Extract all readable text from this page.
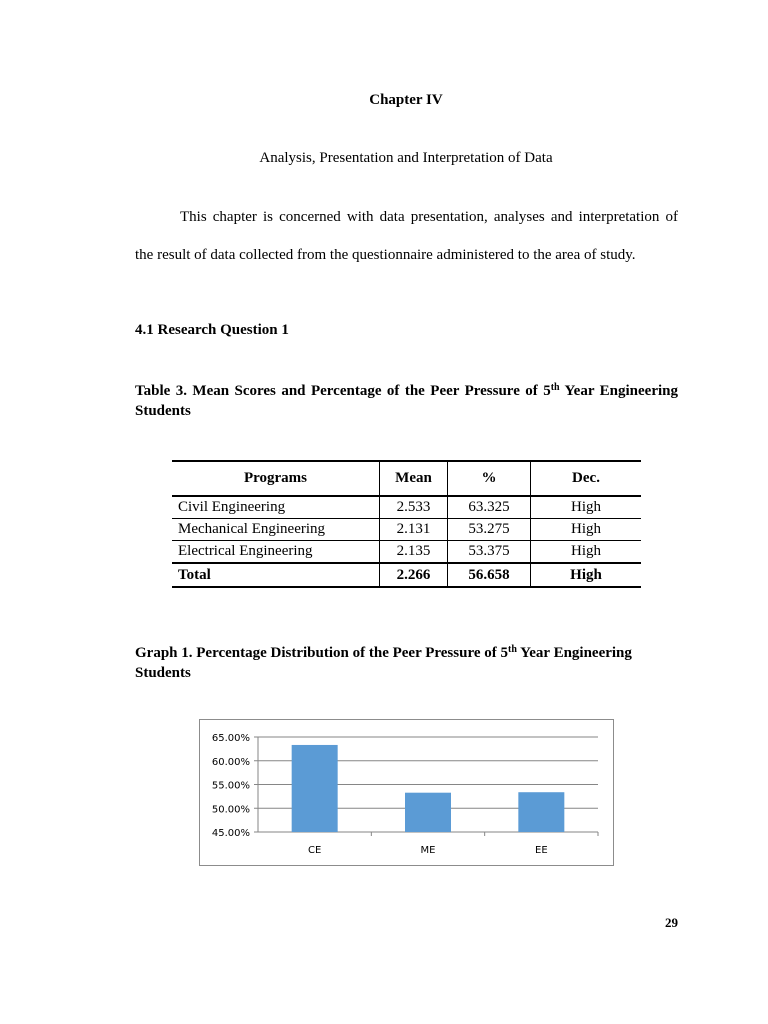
Chapter IV
Analysis, Presentation and Interpretation of Data
This chapter is concerned with data presentation, analyses and interpretation of
the result of data collected from the questionnaire administered to the area of study.
4.1 Research Question 1
Table 3. Mean Scores and Percentage of the Peer Pressure of 5th Year Engineering
Students
Programs	Mean	%	Dec.
Civil Engineering	2.533	63.325	High
Mechanical Engineering	2.131	53.275	High
Electrical Engineering	2.135	53.375	High
Total	2.266	56.658	High
Graph 1. Percentage Distribution of the Peer Pressure of 5th Year Engineering
Students
45.00%
50.00%
55.00%
60.00%
65.00%
CE	ME	EE
29
